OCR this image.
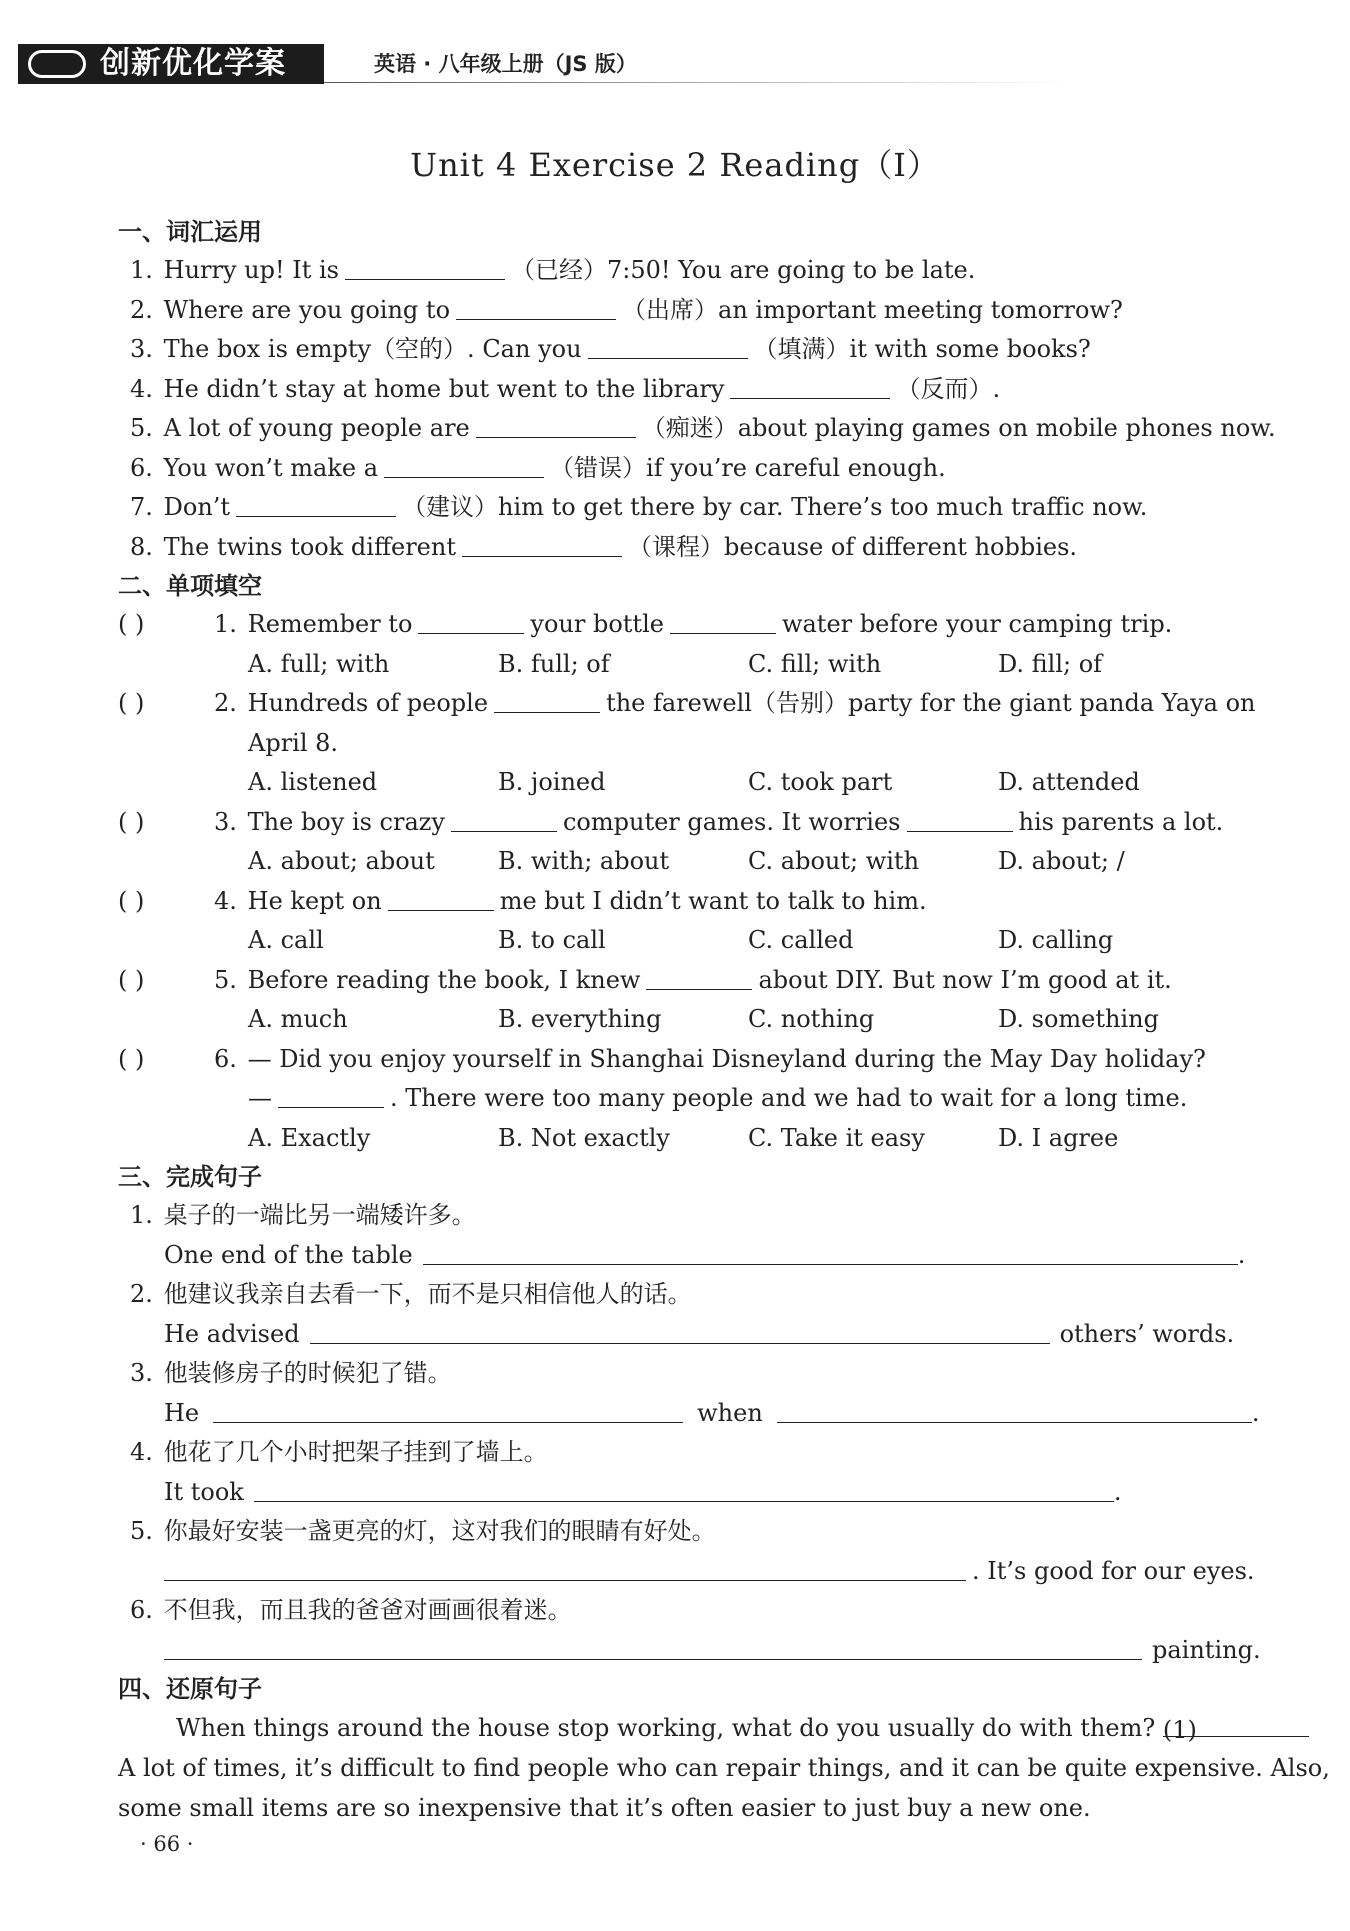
创新优化学案	英语 · 八年级上册（JS 版）
Unit 4 Exercise 2 Reading（Ⅰ）
一、词汇运用
1. Hurry up! It is	（已经）7:50! You are going to be late.
2. Where are you going to	（出席）an important meeting tomorrow?
3. The box is empty（空的）. Can you	（填满）it with some books?
4. He didn’t stay at home but went to the library	（反而）.
5. A lot of young people are	（痴迷）about playing games on mobile phones now.
6. You won’t make a	（错误）if you’re careful enough.
7. Don’t	（建议）him to get there by car. There’s too much traffic now.
8. The twins took different	（课程）because of different hobbies.
二、单项填空
( )	1. Remember to	your bottle	water before your camping trip.
A. full; with	B. full; of	C. fill; with	D. fill; of
( )	2. Hundreds of people	the farewell（告别）party for the giant panda Yaya on
April 8.
A. listened	B. joined	C. took part	D. attended
( )	3. The boy is crazy	computer games. It worries	his parents a lot.
A. about; about	B. with; about	C. about; with	D. about; /
( )	4. He kept on	me but I didn’t want to talk to him.
A. call	B. to call	C. called	D. calling
( )	5. Before reading the book, I knew	about DIY. But now I’m good at it.
A. much	B. everything	C. nothing	D. something
( )	6. — Did you enjoy yourself in Shanghai Disneyland during the May Day holiday?
—	. There were too many people and we had to wait for a long time.
A. Exactly	B. Not exactly	C. Take it easy	D. I agree
三、完成句子
1. 桌子的一端比另一端矮许多。
One end of the table	.
2. 他建议我亲自去看一下，而不是只相信他人的话。
He advised	others’ words.
3. 他装修房子的时候犯了错。
He	when	.
4. 他花了几个小时把架子挂到了墙上。
It took	.
5. 你最好安装一盏更亮的灯，这对我们的眼睛有好处。
. It’s good for our eyes.
6. 不但我，而且我的爸爸对画画很着迷。
painting.
四、还原句子
When things around the house stop working, what do you usually do with them? (1)
A lot of times, it’s difficult to find people who can repair things, and it can be quite expensive. Also,
some small items are so inexpensive that it’s often easier to just buy a new one.
· 66 ·
